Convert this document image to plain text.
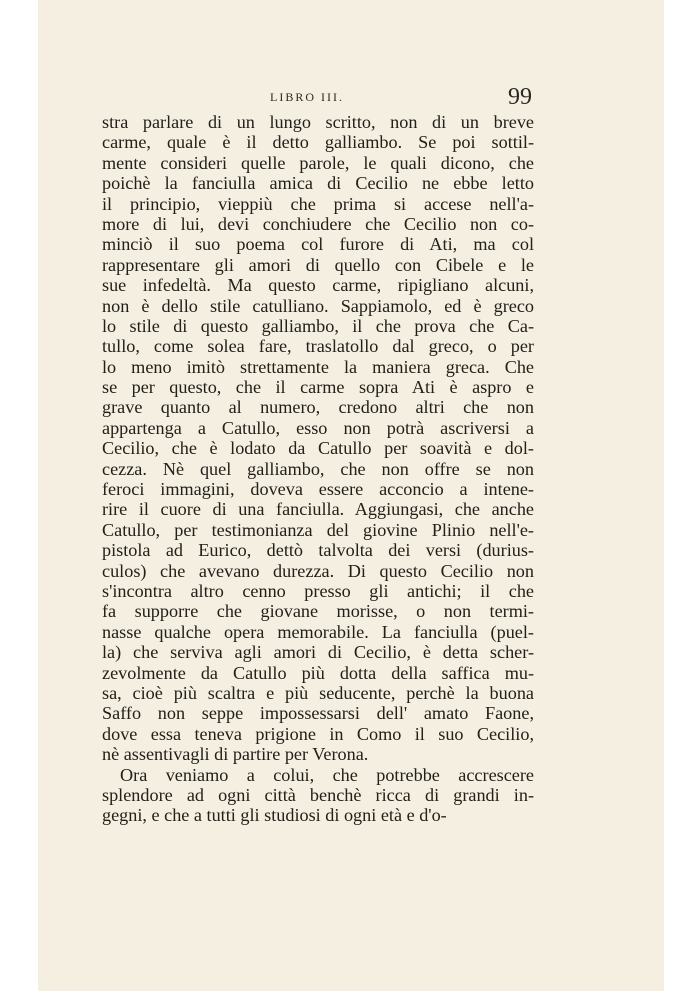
LIBRO III.	99
stra parlare di un lungo scritto, non di un breve
carme, quale è il detto galliambo. Se poi sottil-
mente consideri quelle parole, le quali dicono, che
poichè la fanciulla amica di Cecilio ne ebbe letto
il principio, vieppiù che prima si accese nell'a-
more di lui, devi conchiudere che Cecilio non co-
minciò il suo poema col furore di Ati, ma col
rappresentare gli amori di quello con Cibele e le
sue infedeltà. Ma questo carme, ripigliano alcuni,
non è dello stile catulliano. Sappiamolo, ed è greco
lo stile di questo galliambo, il che prova che Ca-
tullo, come solea fare, traslatollo dal greco, o per
lo meno imitò strettamente la maniera greca. Che
se per questo, che il carme sopra Ati è aspro e
grave quanto al numero, credono altri che non
appartenga a Catullo, esso non potrà ascriversi a
Cecilio, che è lodato da Catullo per soavità e dol-
cezza. Nè quel galliambo, che non offre se non
feroci immagini, doveva essere acconcio a intene-
rire il cuore di una fanciulla. Aggiungasi, che anche
Catullo, per testimonianza del giovine Plinio nell'e-
pistola ad Eurico, dettò talvolta dei versi (durius-
culos) che avevano durezza. Di questo Cecilio non
s'incontra altro cenno presso gli antichi; il che
fa supporre che giovane morisse, o non termi-
nasse qualche opera memorabile. La fanciulla (puel-
la) che serviva agli amori di Cecilio, è detta scher-
zevolmente da Catullo più dotta della saffica mu-
sa, cioè più scaltra e più seducente, perchè la buona
Saffo non seppe impossessarsi dell' amato Faone,
dove essa teneva prigione in Como il suo Cecilio,
nè assentivagli di partire per Verona.
Ora veniamo a colui, che potrebbe accrescere
splendore ad ogni città benchè ricca di grandi in-
gegni, e che a tutti gli studiosi di ogni età e d'o-
